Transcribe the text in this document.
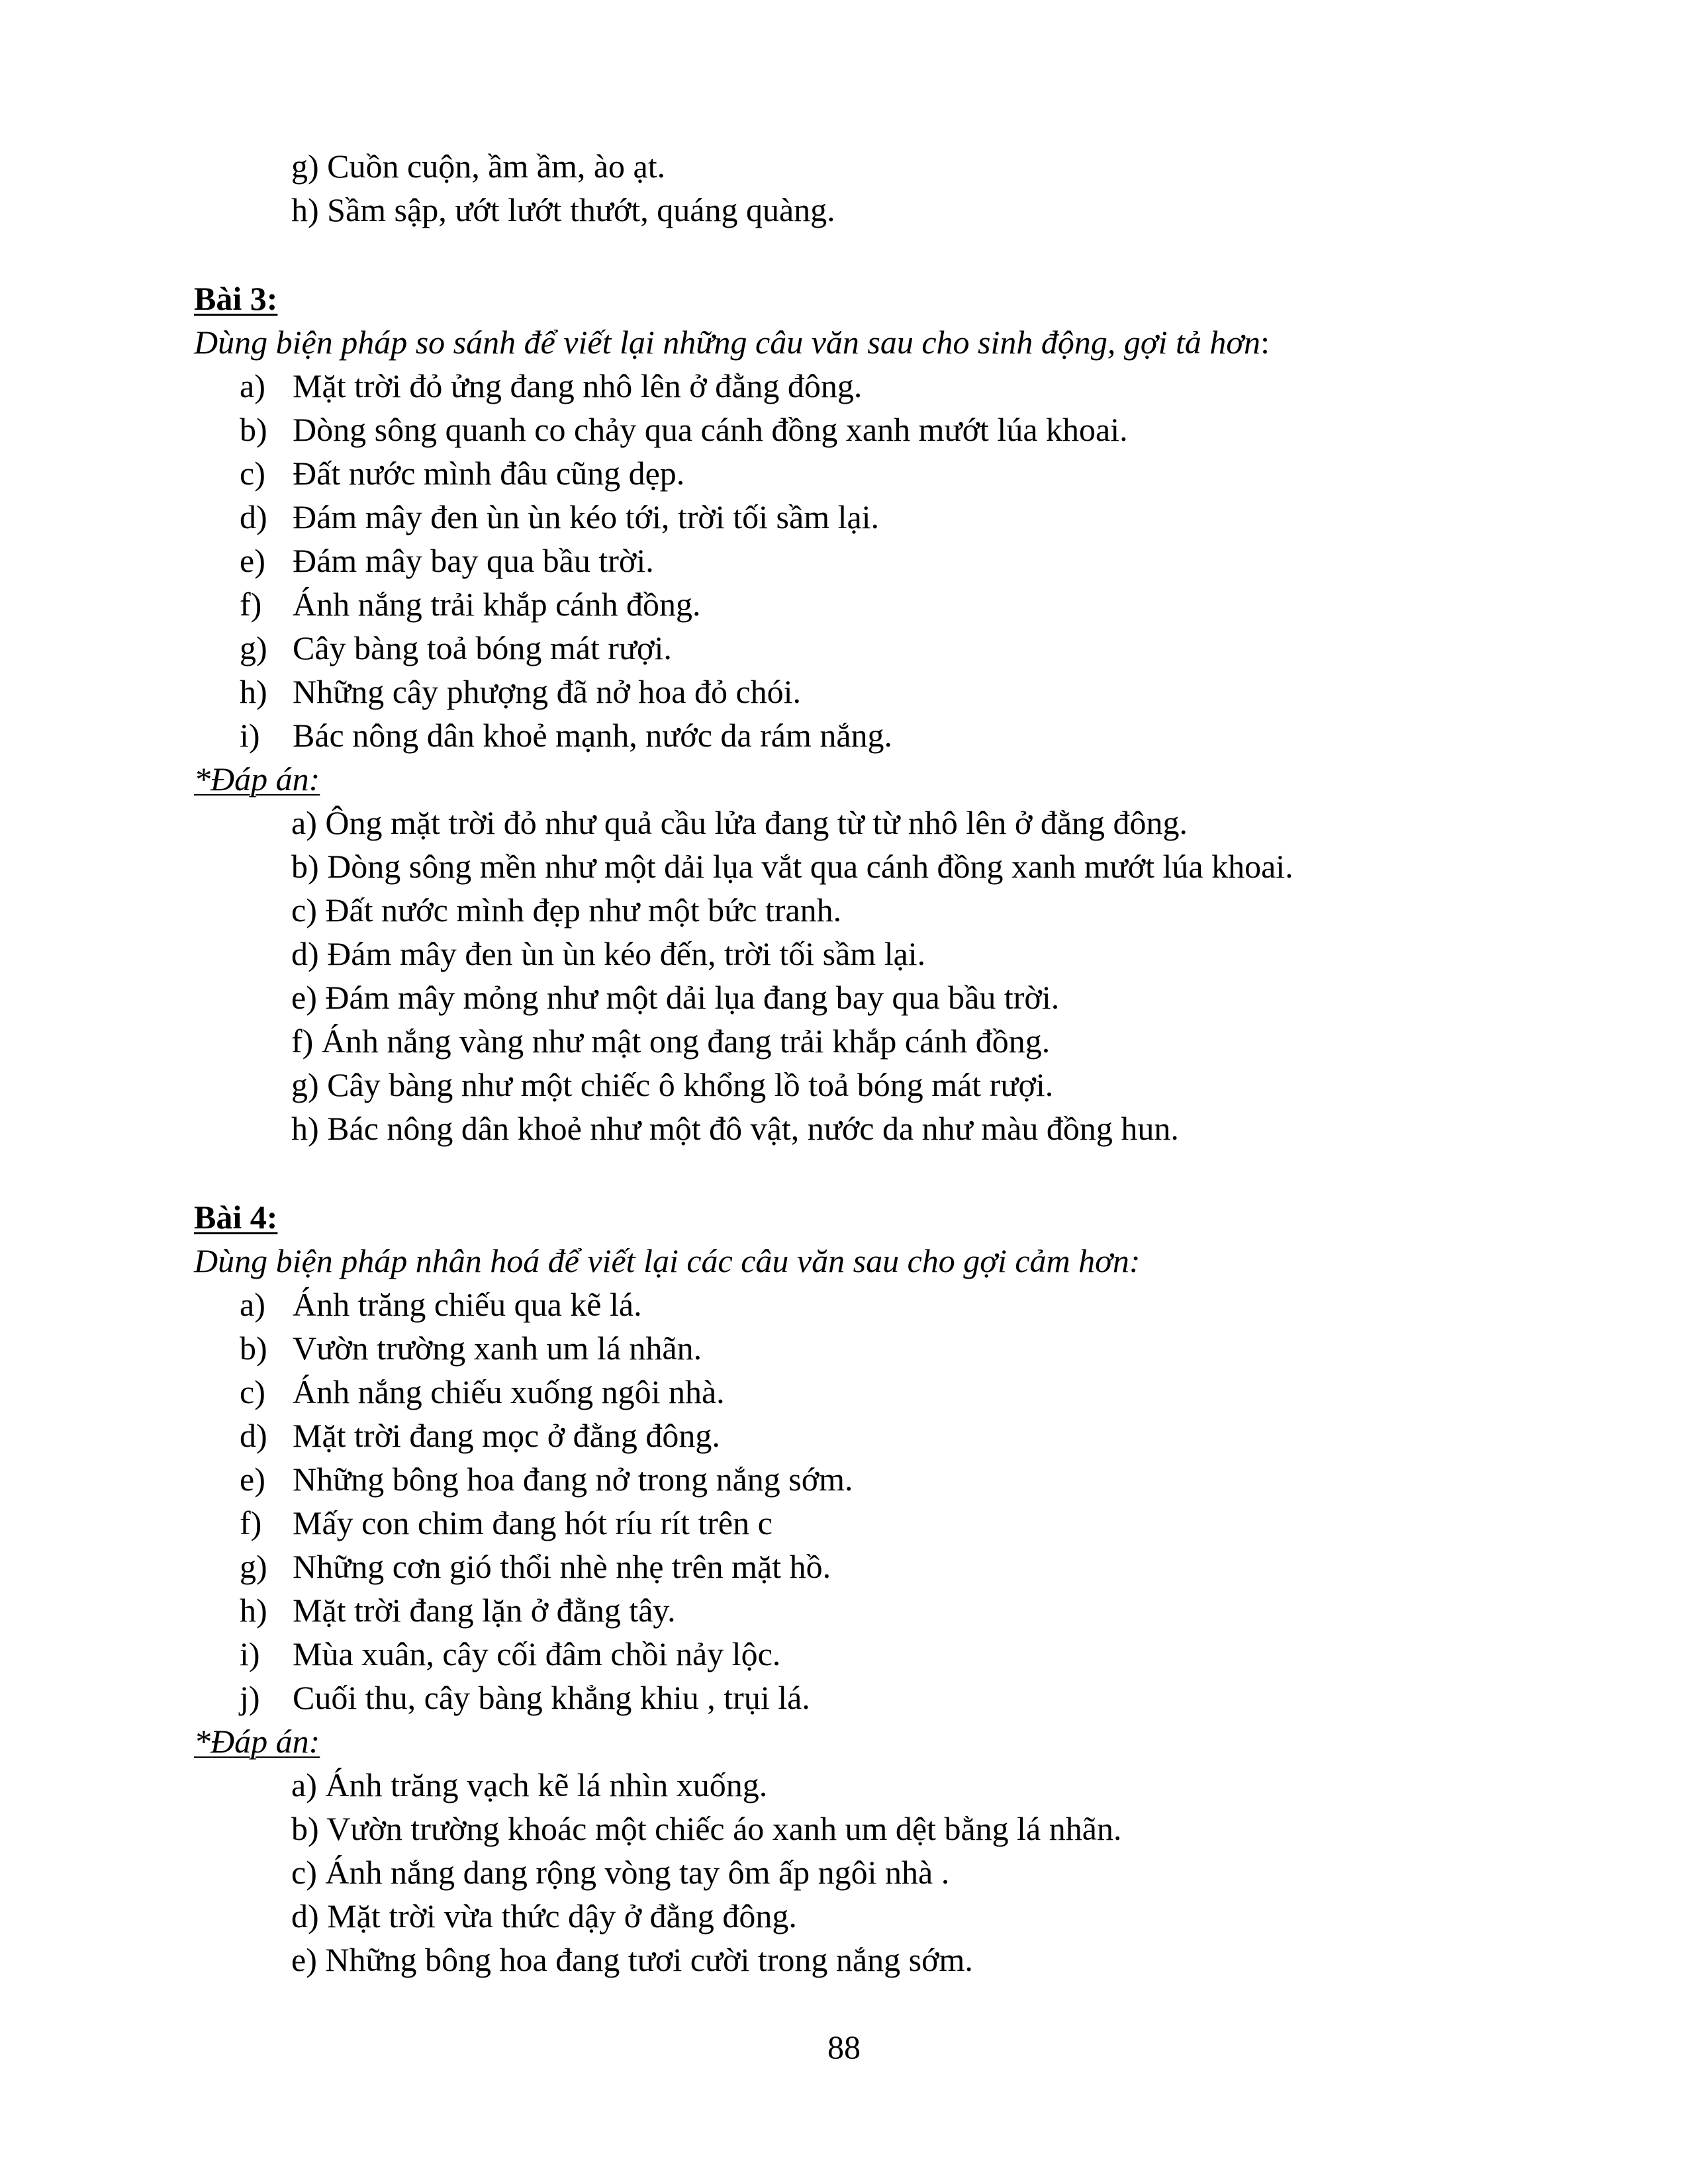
g) Cuồn cuộn, ầm ầm, ào ạt.
h) Sầm sập, ướt lướt thướt, quáng quàng.
Bài 3:
Dùng biện pháp so sánh để viết lại những câu văn sau cho sinh động, gợi tả hơn:
a) Mặt trời đỏ ửng đang nhô lên ở đằng đông.
b) Dòng sông quanh co chảy qua cánh đồng xanh mướt lúa khoai.
c) Đất nước mình đâu cũng dẹp.
d) Đám mây đen ùn ùn kéo tới, trời tối sầm lại.
e) Đám mây bay qua bầu trời.
f) Ánh nắng trải khắp cánh đồng.
g) Cây bàng toả bóng mát rượi.
h) Những cây phượng đã nở hoa đỏ chói.
i) Bác nông dân khoẻ mạnh, nước da rám nắng.
*Đáp án:
a) Ông mặt trời đỏ như quả cầu lửa đang từ từ nhô lên ở đằng đông.
b) Dòng sông mền như một dải lụa vắt qua cánh đồng xanh mướt lúa khoai.
c) Đất nước mình đẹp như một bức tranh.
d) Đám mây đen ùn ùn kéo đến, trời tối sầm lại.
e) Đám mây mỏng như một dải lụa đang bay qua bầu trời.
f) Ánh nắng vàng như mật ong đang trải khắp cánh đồng.
g) Cây bàng như một chiếc ô khổng lồ toả bóng mát rượi.
h) Bác nông dân khoẻ như một đô vật, nước da như màu đồng hun.
Bài 4:
Dùng biện pháp nhân hoá để viết lại các câu văn sau cho gợi cảm hơn:
a) Ánh trăng chiếu qua kẽ lá.
b) Vườn trường xanh um lá nhãn.
c) Ánh nắng chiếu xuống ngôi nhà.
d) Mặt trời đang mọc ở đằng đông.
e) Những bông hoa đang nở trong nắng sớm.
f) Mấy con chim đang hót ríu rít trên c
g) Những cơn gió thổi nhè nhẹ trên mặt hồ.
h) Mặt trời đang lặn ở đằng tây.
i) Mùa xuân, cây cối đâm chồi nảy lộc.
j) Cuối thu, cây bàng khẳng khiu , trụi lá.
*Đáp án:
a) Ánh trăng vạch kẽ lá nhìn xuống.
b) Vườn trường khoác một chiếc áo xanh um dệt bằng lá nhãn.
c) Ánh nắng dang rộng vòng tay ôm ấp ngôi nhà .
d) Mặt trời vừa thức dậy ở đằng đông.
e) Những bông hoa đang tươi cười trong nắng sớm.
88
